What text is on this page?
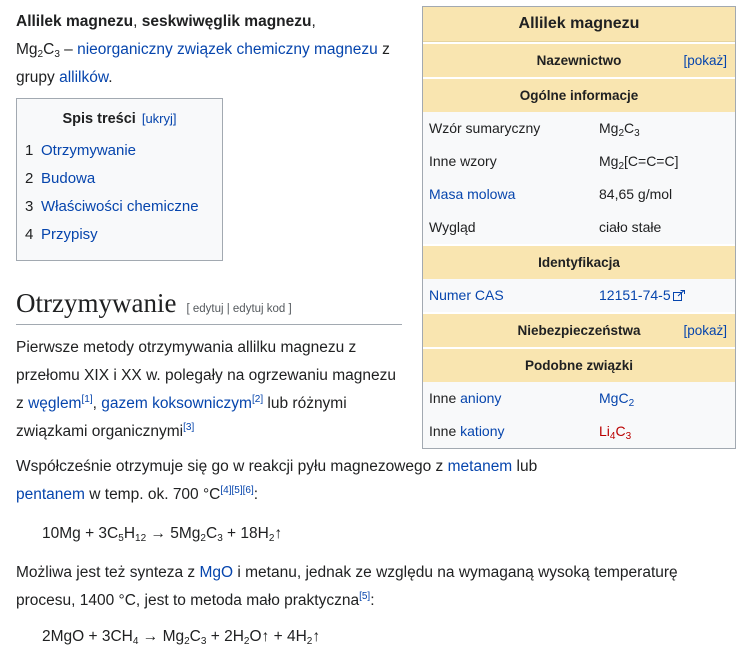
Allilek magnezu, seskwiwęglik magnezu,
$Mg_2C_3$ – nieorganiczny związek chemiczny magnezu z grupy allilków.
Spis treści [ukryj]
1 Otrzymywanie
2 Budowa
3 Właściwości chemiczne
4 Przypisy
Otrzymywanie [ edytuj | edytuj kod ]
Pierwsze metody otrzymywania allilku magnezu z przełomu XIX i XX w. polegały na ogrzewaniu magnezu z węglem[1], gazem koksowniczym[2] lub różnymi związkami organicznymi[3]
Współcześnie otrzymuje się go w reakcji pyłu magnezowego z metanem lub pentanem w temp. ok. 700 °C[4][5][6]:
$10Mg + 3C_5H_{12} \to 5Mg_2C_3$ + $18H_2↑$
Możliwa jest też synteza z MgO i metanu, jednak ze względu na wymaganą wysoką temperaturę procesu, 1400 °C, jest to metoda mało praktyczna[5]:
$2MgO + 3CH_4 \to Mg_2C_3$ + $2H_2O↑$ + $4H_2↑$
Allilek magnezu
Nazewnictwo	[pokaż]
Ogólne informacje
Wzór sumaryczny	$Mg_2C_3$
Inne wzory	$Mg_2[C=C=C]$
Masa molowa	84,65 g/mol
Wygląd	ciało stałe
Identyfikacja
Numer CAS	12151-74-5
Niebezpieczeństwa	[pokaż]
Podobne związki
Inne aniony	MgC$_2$
Inne kationy	$Li_4C_3$
